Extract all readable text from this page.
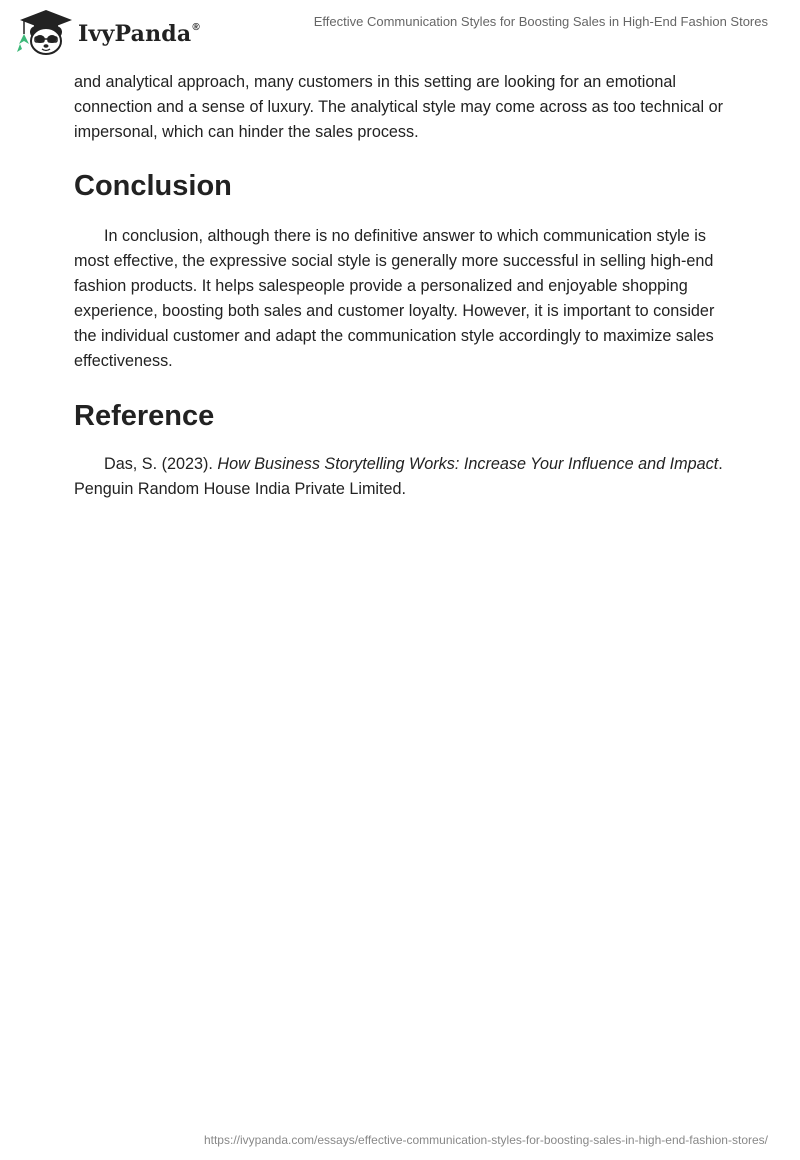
IvyPanda®	Effective Communication Styles for Boosting Sales in High-End Fashion Stores

and analytical approach, many customers in this setting are looking for an emotional connection and a sense of luxury. The analytical style may come across as too technical or impersonal, which can hinder the sales process.

Conclusion

In conclusion, although there is no definitive answer to which communication style is most effective, the expressive social style is generally more successful in selling high-end fashion products. It helps salespeople provide a personalized and enjoyable shopping experience, boosting both sales and customer loyalty. However, it is important to consider the individual customer and adapt the communication style accordingly to maximize sales effectiveness.

Reference

Das, S. (2023). How Business Storytelling Works: Increase Your Influence and Impact. Penguin Random House India Private Limited.

https://ivypanda.com/essays/effective-communication-styles-for-boosting-sales-in-high-end-fashion-stores/
